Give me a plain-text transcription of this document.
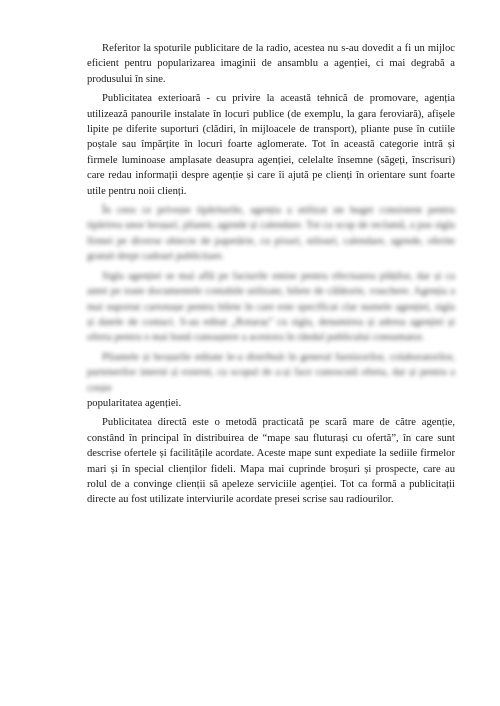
Referitor la spoturile publicitare de la radio, acestea nu s-au dovedit a fi un mijloc eficient pentru popularizarea imaginii de ansamblu a agenției, ci mai degrabă a produsului în sine.

Publicitatea exterioară - cu privire la această tehnică de promovare, agenția utilizează panourile instalate în locuri publice (de exemplu, la gara feroviară), afișele lipite pe diferite suporturi (clădiri, în mijloacele de transport), pliante puse în cutiile poștale sau împărțite în locuri foarte aglomerate. Tot în această categorie intră și firmele luminoase amplasate deasupra agenției, celelalte însemne (săgeți, înscrisuri) care redau informații despre agenție și care îi ajută pe clienți în orientare sunt foarte utile pentru noii clienți.

În ceea ce privește tipăriturile, agenția a utilizat un buget consistent pentru tipărirea unor broșuri, pliante, agende și calendare. Tot cu scop de reclamă, a pus sigla firmei pe diverse obiecte de papetărie, cu pixuri, stilouri, calendare, agende, oferite gratuit drept cadouri publicitare.

Sigla agenției se mai află pe facturile emise pentru efectuarea plăților, dar și ca antet pe toate documentele contabile utilizate, bilete de călătorie, vouchere. Agenția a mai suportat cartonașe pentru bilete în care este specificat clar numele agenției, sigla și datele de contact. S-au editat „Rotaraș” cu sigla, denumirea și adresa agenției și oferta pentru o mai bună cunoaștere a acestora în rândul publicului consumator.

Pliantele și broșurile editate le-a distribuit în general furnizorilor, colaboratorilor, partenerilor interni și externi, cu scopul de a-și face cunoscută oferta, dar și pentru a crește

popularitatea agenției.

Publicitatea directă este o metodă practicată pe scară mare de către agenție, constând în principal în distribuirea de “mape sau fluturași cu ofertă”, în care sunt descrise ofertele și facilitățile acordate. Aceste mape sunt expediate la sediile firmelor mari și în special clienților fideli. Mapa mai cuprinde broșuri și prospecte, care au rolul de a convinge clienții să apeleze serviciile agenției. Tot ca formă a publicitații directe au fost utilizate interviurile acordate presei scrise sau radiourilor.
